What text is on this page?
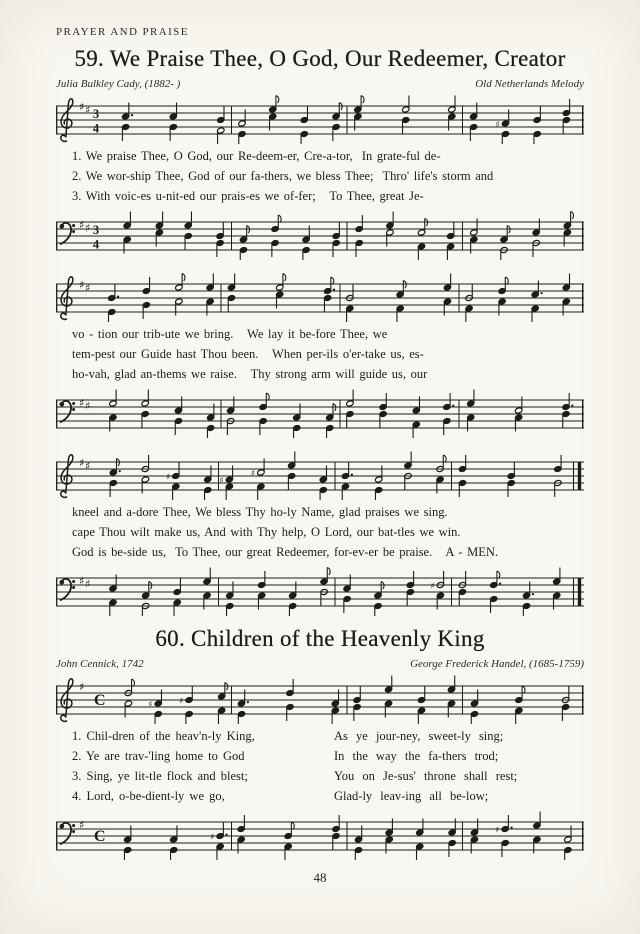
PRAYER AND PRAISE
59. We Praise Thee, O God, Our Redeemer, Creator
Julia Bulkley Cady, (1882- )	Old Netherlands Melody
♯ ♯ 3
4	♯
1. We praise Thee, O God, our Re-deem-er, Cre-a-tor,  In grate-ful de-
2. We wor-ship Thee, God of our fa-thers, we bless Thee;  Thro' life's storm and
3. With voic-es u-nit-ed our prais-es we of-fer;   To Thee, great Je-
♯ ♯ 3
4
♯ ♯
vo - tion our trib-ute we bring.   We lay it be-fore Thee, we
tem-pest our Guide hast Thou been.   When per-ils o'er-take us, es-
ho-vah, glad an-thems we raise.   Thy strong arm will guide us, our
♯ ♯
♯ ♯
♯	♯
♯
kneel and a-dore Thee, We bless Thy ho-ly Name, glad praises we sing.
cape Thou wilt make us, And with Thy help, O Lord, our bat-tles we win.
God is be-side us,  To Thee, our great Redeemer, for-ev-er be praise.   A - MEN.
♯ ♯	♯
60. Children of the Heavenly King
John Cennick, 1742	George Frederick Handel, (1685-1759)
♯
C	♯	♯
1. Chil-dren of the heav'n-ly King,	As ye jour-ney, sweet-ly sing;
2. Ye are trav-'ling home to God	In the way the fa-thers trod;
3. Sing, ye lit-tle flock and blest;	You on Je-sus' throne shall rest;
4. Lord, o-be-dient-ly we go,	Glad-ly leav-ing all be-low;
♯
C	♯
♯
48
